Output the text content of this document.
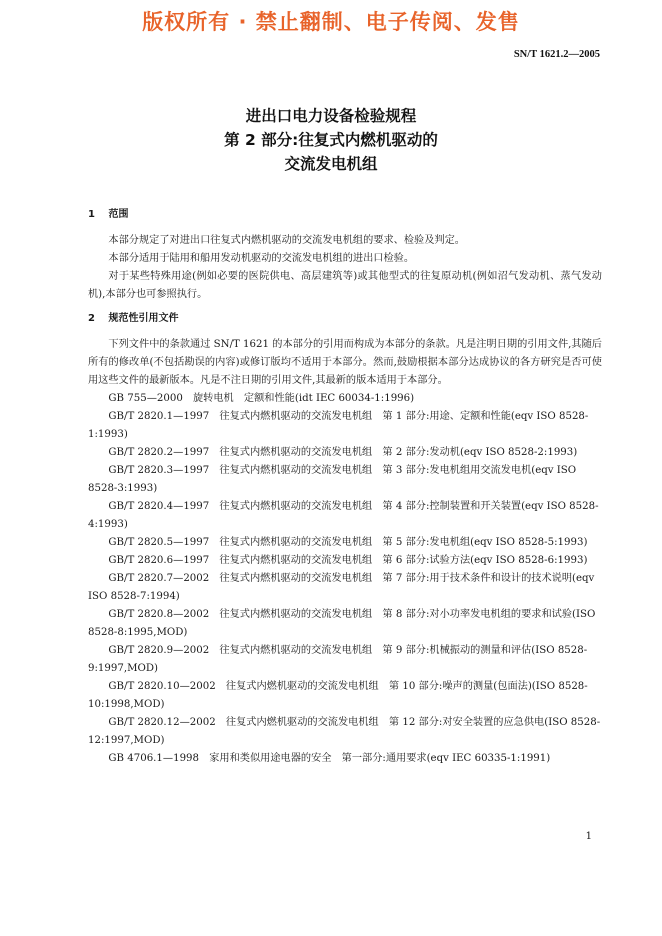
版权所有 · 禁止翻制、电子传阅、发售
SN/T 1621.2—2005
进出口电力设备检验规程
第 2 部分:往复式内燃机驱动的
交流发电机组
1 范围

本部分规定了对进出口往复式内燃机驱动的交流发电机组的要求、检验及判定。

本部分适用于陆用和船用发动机驱动的交流发电机组的进出口检验。

对于某些特殊用途(例如必要的医院供电、高层建筑等)或其他型式的往复原动机(例如沼气发动机、蒸气发动机),本部分也可参照执行。

2 规范性引用文件

下列文件中的条款通过 SN/T 1621 的本部分的引用而构成为本部分的条款。凡是注明日期的引用文件,其随后所有的修改单(不包括勘误的内容)或修订版均不适用于本部分。然而,鼓励根据本部分达成协议的各方研究是否可使用这些文件的最新版本。凡是不注日期的引用文件,其最新的版本适用于本部分。

GB 755—2000　旋转电机　定额和性能(idt IEC 60034-1:1996)

GB/T 2820.1—1997　往复式内燃机驱动的交流发电机组　第 1 部分:用途、定额和性能(eqv ISO 8528-1:1993)

GB/T 2820.2—1997　往复式内燃机驱动的交流发电机组　第 2 部分:发动机(eqv ISO 8528-2:1993)

GB/T 2820.3—1997　往复式内燃机驱动的交流发电机组　第 3 部分:发电机组用交流发电机(eqv ISO 8528-3:1993)

GB/T 2820.4—1997　往复式内燃机驱动的交流发电机组　第 4 部分:控制装置和开关装置(eqv ISO 8528-4:1993)

GB/T 2820.5—1997　往复式内燃机驱动的交流发电机组　第 5 部分:发电机组(eqv ISO 8528-5:1993)

GB/T 2820.6—1997　往复式内燃机驱动的交流发电机组　第 6 部分:试验方法(eqv ISO 8528-6:1993)

GB/T 2820.7—2002　往复式内燃机驱动的交流发电机组　第 7 部分:用于技术条件和设计的技术说明(eqv ISO 8528-7:1994)

GB/T 2820.8—2002　往复式内燃机驱动的交流发电机组　第 8 部分:对小功率发电机组的要求和试验(ISO 8528-8:1995,MOD)

GB/T 2820.9—2002　往复式内燃机驱动的交流发电机组　第 9 部分:机械振动的测量和评估(ISO 8528-9:1997,MOD)

GB/T 2820.10—2002　往复式内燃机驱动的交流发电机组　第 10 部分:噪声的测量(包面法)(ISO 8528-10:1998,MOD)

GB/T 2820.12—2002　往复式内燃机驱动的交流发电机组　第 12 部分:对安全装置的应急供电(ISO 8528-12:1997,MOD)

GB 4706.1—1998　家用和类似用途电器的安全　第一部分:通用要求(eqv IEC 60335-1:1991)

1
